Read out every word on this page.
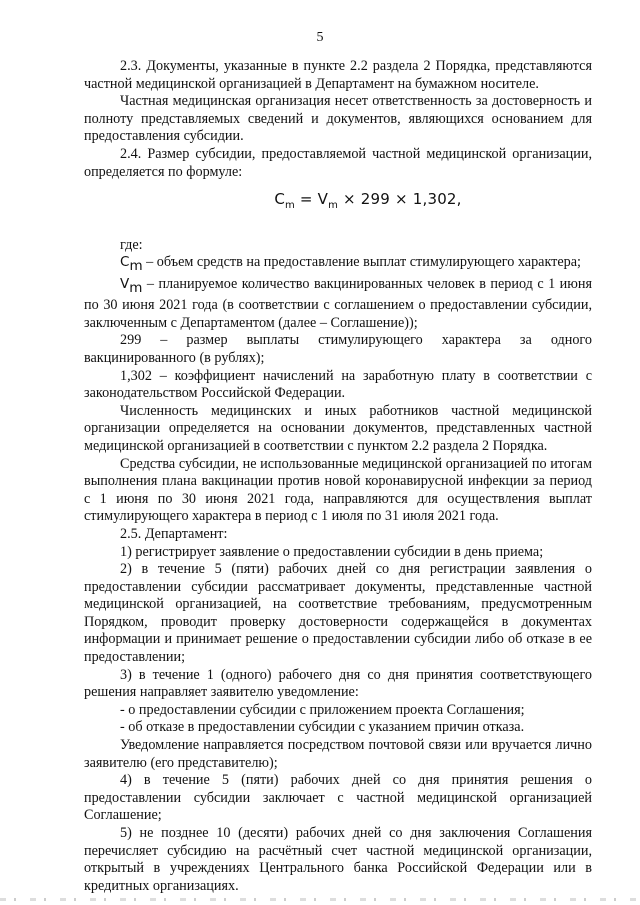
5

2.3. Документы, указанные в пункте 2.2 раздела 2 Порядка, представляются частной медицинской организацией в Департамент на бумажном носителе.

Частная медицинская организация несет ответственность за достоверность и полноту представляемых сведений и документов, являющихся основанием для предоставления субсидии.

2.4. Размер субсидии, предоставляемой частной медицинской организации, определяется по формуле:

$C_m = V_m \times 299 \times 1,302$,

где:

$C_m$ – объем средств на предоставление выплат стимулирующего характера;

$V_m$ – планируемое количество вакцинированных человек в период с 1 июня по 30 июня 2021 года (в соответствии с соглашением о предоставлении субсидии, заключенным с Департаментом (далее – Соглашение));

299 – размер выплаты стимулирующего характера за одного вакцинированного (в рублях);

1,302 – коэффициент начислений на заработную плату в соответствии с законодательством Российской Федерации.

Численность медицинских и иных работников частной медицинской организации определяется на основании документов, представленных частной медицинской организацией в соответствии с пунктом 2.2 раздела 2 Порядка.

Средства субсидии, не использованные медицинской организацией по итогам выполнения плана вакцинации против новой коронавирусной инфекции за период с 1 июня по 30 июня 2021 года, направляются для осуществления выплат стимулирующего характера в период с 1 июля по 31 июля 2021 года.

2.5. Департамент:

1) регистрирует заявление о предоставлении субсидии в день приема;

2) в течение 5 (пяти) рабочих дней со дня регистрации заявления о предоставлении субсидии рассматривает документы, представленные частной медицинской организацией, на соответствие требованиям, предусмотренным Порядком, проводит проверку достоверности содержащейся в документах информации и принимает решение о предоставлении субсидии либо об отказе в ее предоставлении;

3) в течение 1 (одного) рабочего дня со дня принятия соответствующего решения направляет заявителю уведомление:

- о предоставлении субсидии с приложением проекта Соглашения;

- об отказе в предоставлении субсидии с указанием причин отказа.

Уведомление направляется посредством почтовой связи или вручается лично заявителю (его представителю);

4) в течение 5 (пяти) рабочих дней со дня принятия решения о предоставлении субсидии заключает с частной медицинской организацией Соглашение;

5) не позднее 10 (десяти) рабочих дней со дня заключения Соглашения перечисляет субсидию на расчётный счет частной медицинской организации, открытый в учреждениях Центрального банка Российской Федерации или в кредитных организациях.
